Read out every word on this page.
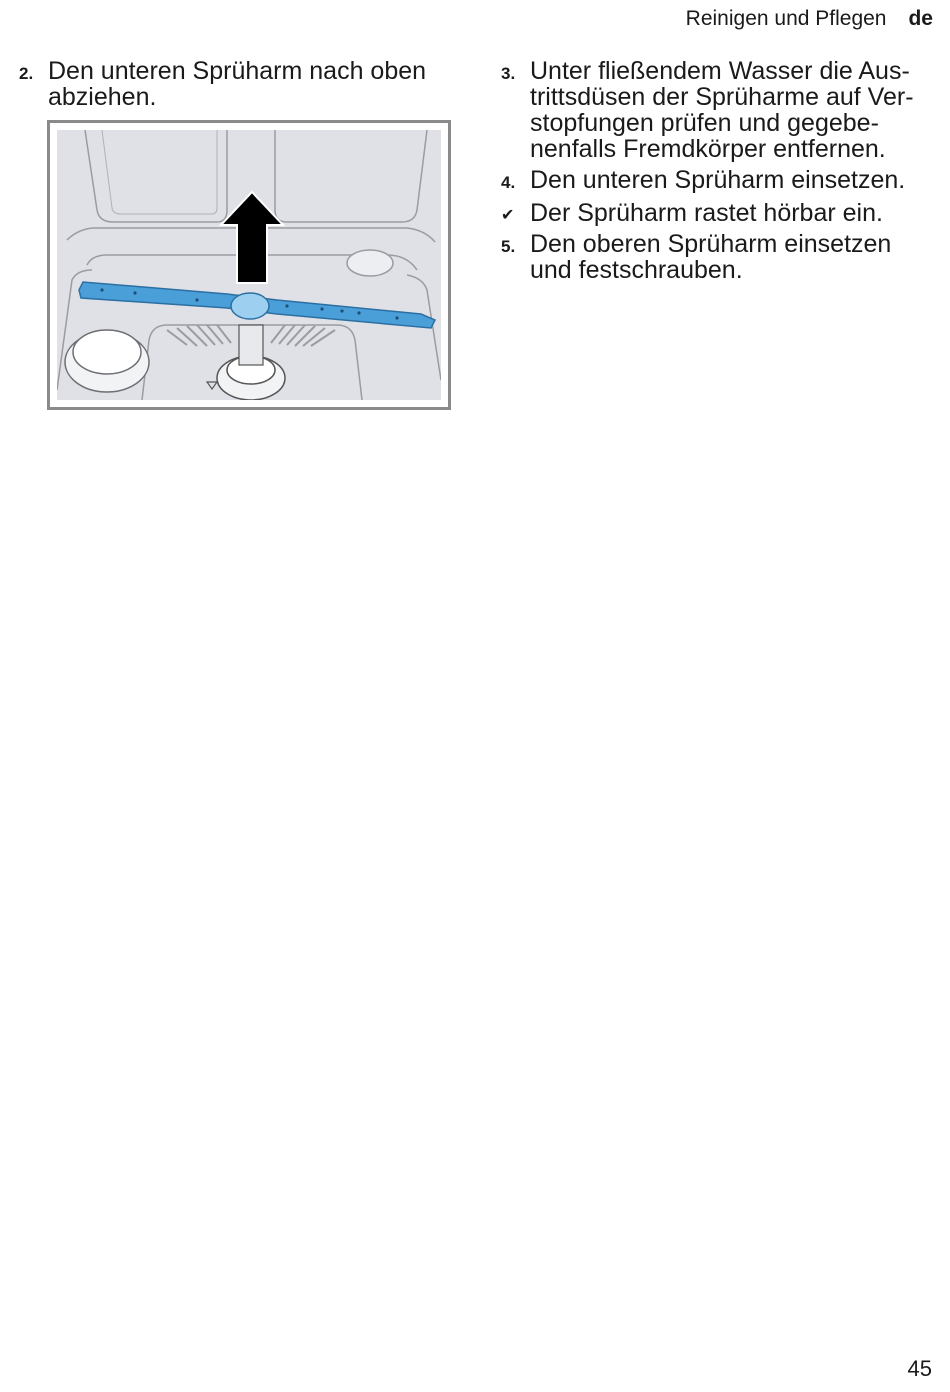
Reinigen und Pflegen de
2. Den unteren Sprüharm nach oben
abziehen.
3. Unter fließendem Wasser die Aus-
trittsdüsen der Sprüharme auf Ver-
stopfungen prüfen und gegebe-
nenfalls Fremdkörper entfernen.
4. Den unteren Sprüharm einsetzen.
✔ Der Sprüharm rastet hörbar ein.
5. Den oberen Sprüharm einsetzen
und festschrauben.
45
